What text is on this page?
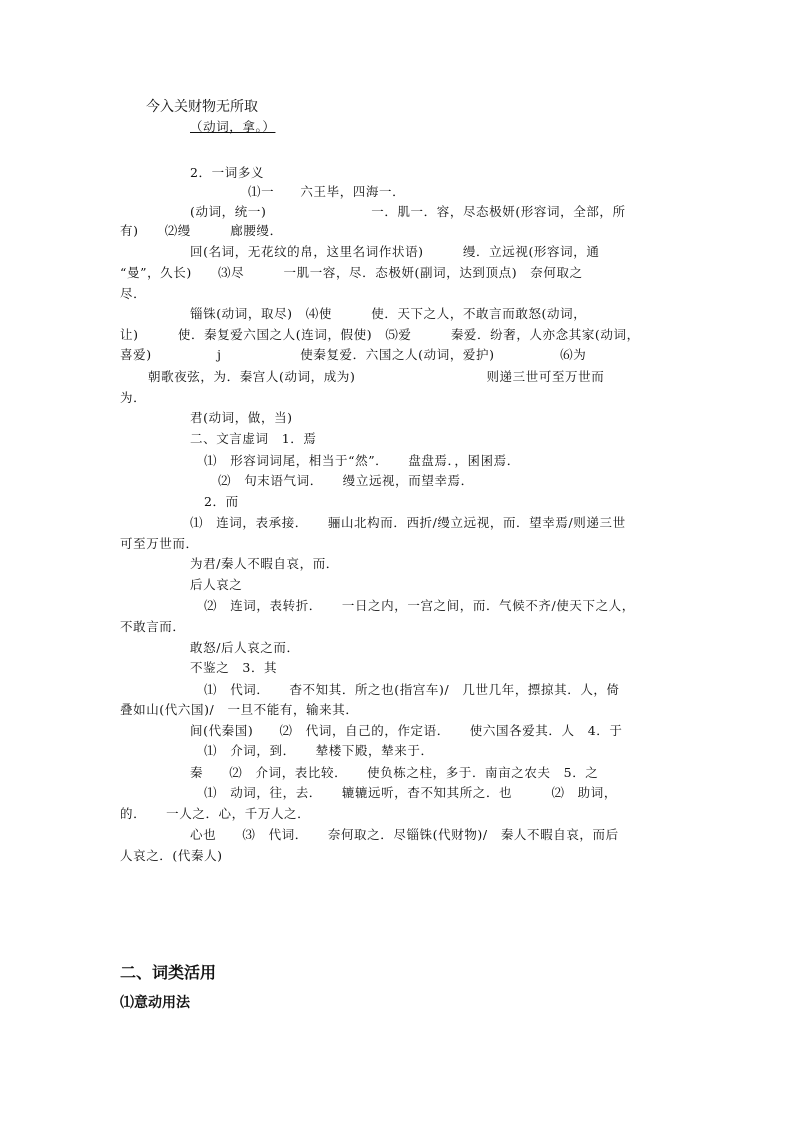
今入关财物无所取
（动词，拿。）
2．一词多义
⑴一　　六王毕，四海一．
(动词，统一)　　　　　　　　一．肌一．容，尽态极妍(形容词，全部，所
有)　　⑵缦　　　廊腰缦．
回(名词，无花纹的帛，这里名词作状语)　　　缦．立远视(形容词，通
“曼”，久长)　　⑶尽　　　一肌一容，尽．态极妍(副词，达到顶点)　奈何取之
尽．
锱铢(动词，取尽)　⑷使　　　使．天下之人，不敢言而敢怒(动词，
让)　　　使．秦复爱六国之人(连词，假使)　⑸爱　　　秦爱．纷奢，人亦念其家(动词，
喜爱)　　　　　j　　　　　　使秦复爱．六国之人(动词，爱护)　　　　　⑹为
朝歌夜弦，为．秦宫人(动词，成为)　　　　　　　　　　则递三世可至万世而
为．
君(动词，做，当)
二、文言虚词　1．焉
⑴　形容词词尾，相当于“然”．　　盘盘焉．，囷囷焉．
⑵　句末语气词．　　缦立远视，而望幸焉．
2．而
⑴　连词，表承接．　　骊山北构而．西折/缦立远视，而．望幸焉/则递三世
可至万世而．
为君/秦人不暇自哀，而．
后人哀之
⑵　连词，表转折．　　一日之内，一宫之间，而．气候不齐/使天下之人，
不敢言而．
敢怒/后人哀之而．
不鉴之　3．其
⑴　代词．　　杳不知其．所之也(指宫车)/　几世几年，摽掠其．人，倚
叠如山(代六国)/　一旦不能有，输来其．
间(代秦国)　　⑵　代词，自己的，作定语．　　使六国各爱其．人　4．于
⑴　介词，到．　　辇楼下殿，辇来于．
秦　　⑵　介词，表比较．　　使负栋之柱，多于．南亩之农夫　5．之
⑴　动词，往，去．　　辘辘远听，杳不知其所之．也　　　⑵　助词，
的．　　一人之．心，千万人之．
心也　　⑶　代词．　　奈何取之．尽锱铢(代财物)/　秦人不暇自哀，而后
人哀之．(代秦人)
二、词类活用
⑴意动用法
